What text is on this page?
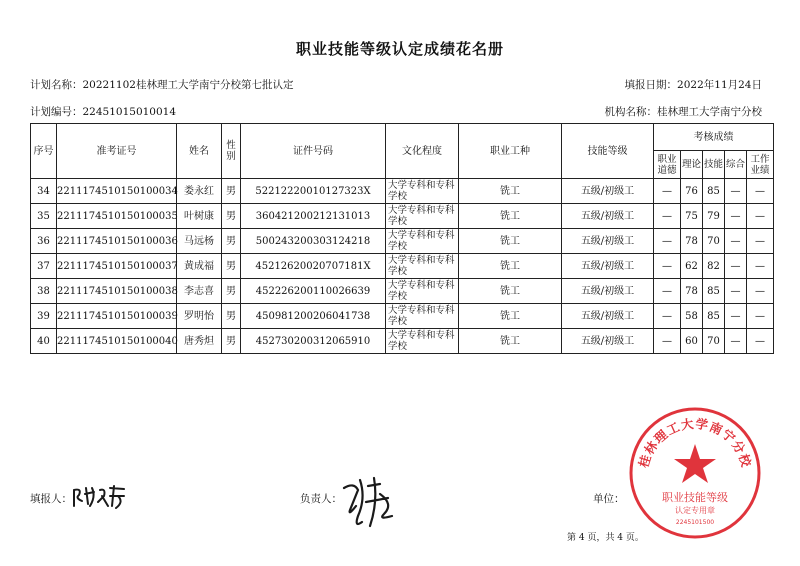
职业技能等级认定成绩花名册
计划名称：20221102桂林理工大学南宁分校第七批认定	填报日期：2022年11月24日
计划编号：22451015010014	机构名称：桂林理工大学南宁分校
序号	准考证号	姓名	性别	证件号码	文化程度	职业工种	技能等级	考核成绩				
								职业道德	理论	技能	综合	工作业绩
34	2211174510150100034	娄永红	男	52212220010127323X	大学专科和专科学校	铣工	五级/初级工	—	76	85	—	—
35	2211174510150100035	叶树康	男	360421200212131013	大学专科和专科学校	铣工	五级/初级工	—	75	79	—	—
36	2211174510150100036	马远杨	男	500243200303124218	大学专科和专科学校	铣工	五级/初级工	—	78	70	—	—
37	2211174510150100037	黄成福	男	45212620020707181X	大学专科和专科学校	铣工	五级/初级工	—	62	82	—	—
38	2211174510150100038	李志喜	男	452226200110026639	大学专科和专科学校	铣工	五级/初级工	—	78	85	—	—
39	2211174510150100039	罗明怡	男	450981200206041738	大学专科和专科学校	铣工	五级/初级工	—	58	85	—	—
40	2211174510150100040	唐秀炟	男	452730200312065910	大学专科和专科学校	铣工	五级/初级工	—	60	70	—	—
填报人：	负责人：	单位：
桂林理工大学南宁分校
职业技能等级
认定专用章
2245101500
第 4 页，共 4 页。
